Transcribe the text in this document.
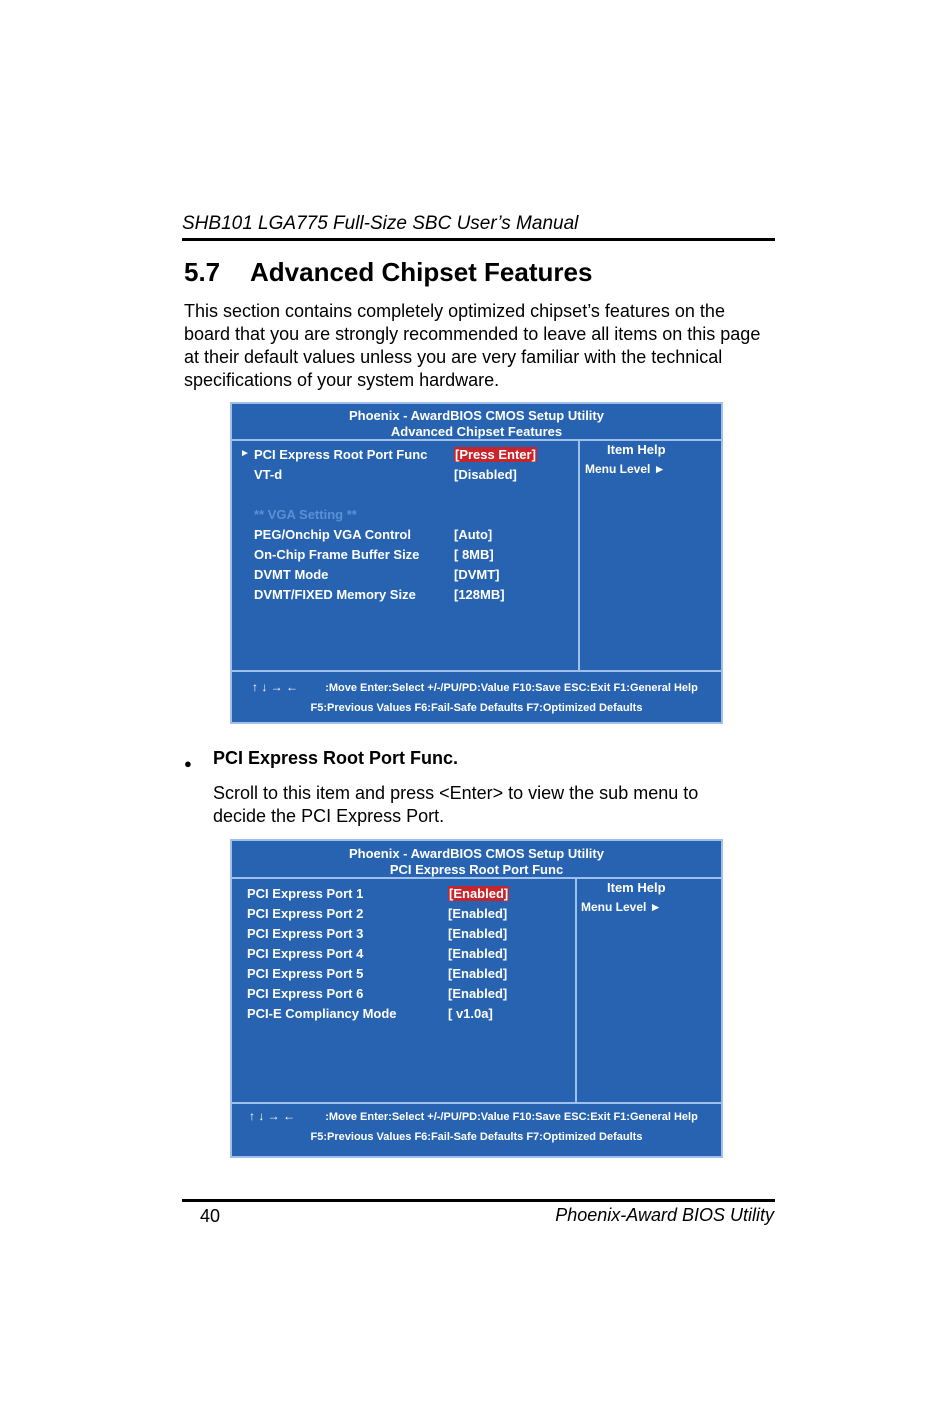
SHB101 LGA775 Full-Size SBC User’s Manual
5.7 Advanced Chipset Features
This section contains completely optimized chipset’s features on the board that you are strongly recommended to leave all items on this page at their default values unless you are very familiar with the technical specifications of your system hardware.
Phoenix - AwardBIOS CMOS Setup Utility
Advanced Chipset Features
► PCI Express Root Port Func [Press Enter]
VT-d	[Disabled]
** VGA Setting **
PEG/Onchip VGA Control	[Auto]
On-Chip Frame Buffer Size	[ 8MB]
DVMT Mode	[DVMT]
DVMT/FIXED Memory Size	[128MB]
Item Help
Menu Level ►
↑ ↓ → ←	:Move Enter:Select +/-/PU/PD:Value F10:Save ESC:Exit F1:General Help
F5:Previous Values F6:Fail-Safe Defaults F7:Optimized Defaults
● PCI Express Root Port Func.
Scroll to this item and press <Enter> to view the sub menu to decide the PCI Express Port.
Phoenix - AwardBIOS CMOS Setup Utility
PCI Express Root Port Func
PCI Express Port 1	[Enabled]
PCI Express Port 2	[Enabled]
PCI Express Port 3	[Enabled]
PCI Express Port 4	[Enabled]
PCI Express Port 5	[Enabled]
PCI Express Port 6	[Enabled]
PCI-E Compliancy Mode	[ v1.0a]
Item Help
Menu Level ►
↑ ↓ → ←	:Move Enter:Select +/-/PU/PD:Value F10:Save ESC:Exit F1:General Help
F5:Previous Values F6:Fail-Safe Defaults F7:Optimized Defaults
40	Phoenix-Award BIOS Utility
